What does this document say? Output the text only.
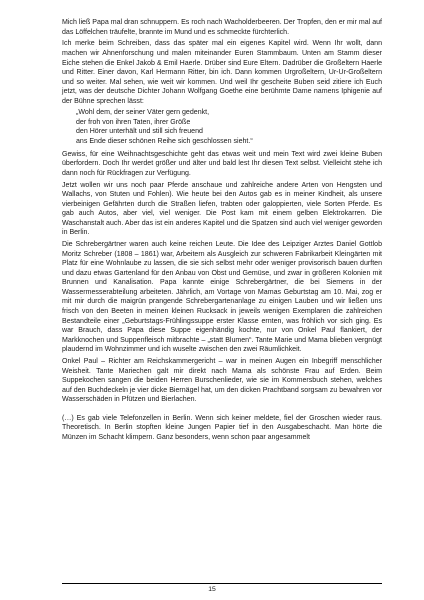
Mich ließ Papa mal dran schnuppern. Es roch nach Wacholderbeeren. Der Tropfen, den er mir mal auf das Löffelchen träufelte, brannte im Mund und es schmeckte fürchterlich.

Ich merke beim Schreiben, dass das später mal ein eigenes Kapitel wird. Wenn Ihr wollt, dann machen wir Ahnenforschung und malen miteinander Euren Stammbaum. Unten am Stamm dieser Eiche stehen die Enkel Jakob & Emil Haerle. Drüber sind Eure Eltern. Dadrüber die Großeltern Haerle und Ritter. Einer davon, Karl Hermann Ritter, bin ich. Dann kommen Urgroßeltern, Ur-Ur-Großeltern und so weiter. Mal sehen, wie weit wir kommen. Und weil Ihr gescheite Buben seid zitiere ich Euch jetzt, was der deutsche Dichter Johann Wolfgang Goethe eine berühmte Dame namens Iphigenie auf der Bühne sprechen lässt:

„Wohl dem, der seiner Väter gern gedenkt,
der froh von ihren Taten, ihrer Größe
den Hörer unterhält und still sich freuend
ans Ende dieser schönen Reihe sich geschlossen sieht.“

Gewiss, für eine Weihnachtsgeschichte geht das etwas weit und mein Text wird zwei kleine Buben überfordern. Doch Ihr werdet größer und älter und bald lest Ihr diesen Text selbst. Vielleicht stehe ich dann noch für Rückfragen zur Verfügung.

Jetzt wollen wir uns noch paar Pferde anschaue und zahlreiche andere Arten von Hengsten und Wallachs, von Stuten und Fohlen). Wie heute bei den Autos gab es in meiner Kindheit, als unsere vierbeinigen Gefährten durch die Straßen liefen, trabten oder galoppierten, viele Sorten Pferde. Es gab auch Autos, aber viel, viel weniger. Die Post kam mit einem gelben Elektrokarren. Die Waschanstalt auch. Aber das ist ein anderes Kapitel und die Spatzen sind auch viel weniger geworden in Berlin.

Die Schrebergärtner waren auch keine reichen Leute. Die Idee des Leipziger Arztes Daniel Gottlob Moritz Schreber (1808 – 1861) war, Arbeitern als Ausgleich zur schweren Fabrikarbeit Kleingärten mit Platz für eine Wohnlaube zu lassen, die sie sich selbst mehr oder weniger provisorisch bauen durften und dazu etwas Gartenland für den Anbau von Obst und Gemüse, und zwar in größeren Kolonien mit Brunnen und Kanalisation. Papa kannte einige Schrebergärtner, die bei Siemens in der Wassermesserabteilung arbeiteten. Jährlich, am Vortage von Mamas Geburtstag am 10. Mai, zog er mit mir durch die maigrün prangende Schrebergartenanlage zu einigen Lauben und wir ließen uns frisch von den Beeten in meinen kleinen Rucksack in jeweils wenigen Exemplaren die zahlreichen Bestandteile einer „Geburtstags-Frühlingssuppe erster Klasse ernten, was fröhlich vor sich ging. Es war Brauch, dass Papa diese Suppe eigenhändig kochte, nur von Onkel Paul flankiert, der Markknochen und Suppenfleisch mitbrachte – „statt Blumen“. Tante Marie und Mama blieben vergnügt plaudernd im Wohnzimmer und ich wuselte zwischen den zwei Räumlichkeit.

Onkel Paul – Richter am Reichskammergericht – war in meinen Augen ein Inbegriff menschlicher Weisheit. Tante Mariechen galt mir direkt nach Mama als schönste Frau auf Erden. Beim Suppekochen sangen die beiden Herren Burschenlieder, wie sie im Kommersbuch stehen, welches auf den Buchdeckeln je vier dicke Biernägel hat, um den dicken Prachtband sorgsam zu bewahren vor Wasserschäden in Pfützen und Bierlachen.

(…) Es gab viele Telefonzellen in Berlin. Wenn sich keiner meldete, fiel der Groschen wieder raus. Theoretisch. In Berlin stopften kleine Jungen Papier tief in den Ausgabeschacht. Man hörte die Münzen im Schacht klimpern. Ganz besonders, wenn schon paar angesammelt

15
